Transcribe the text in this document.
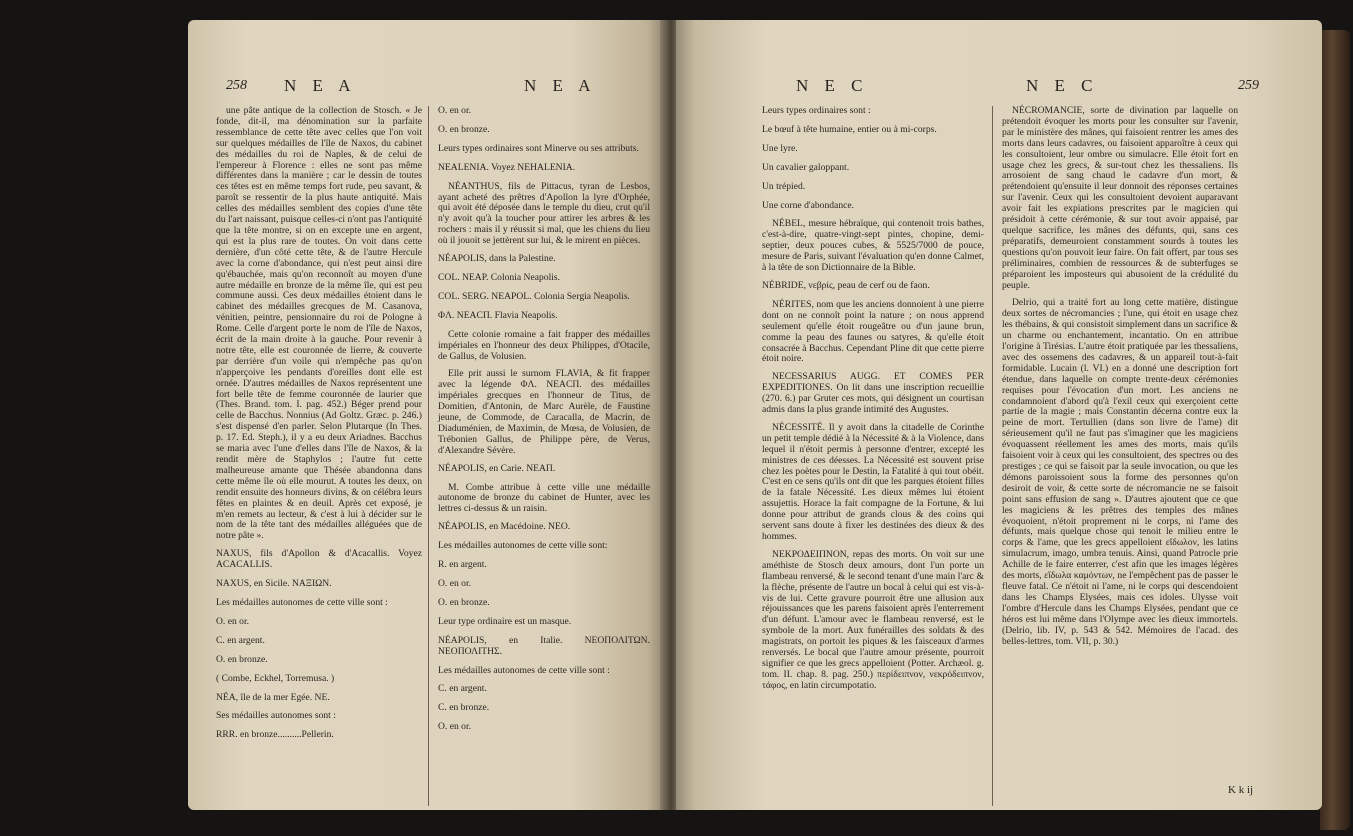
258 N E A	N E A

une pâte antique de la collection de Stosch. « Je fonde, dit-il, ma dénomination sur la parfaite ressemblance de cette tête avec celles que l'on voit sur quelques médailles de l'île de Naxos, du cabinet des médailles du roi de Naples, & de celui de l'empereur à Florence : elles ne sont pas même différentes dans la manière ; car le dessin de toutes ces têtes est en même temps fort rude, peu savant, & paroît se ressentir de la plus haute antiquité. Mais celles des médailles semblent des copies d'une tête du l'art naissant, puisque celles-ci n'ont pas l'antiquité que la tête montre, si on en excepte une en argent, qui est la plus rare de toutes. On voit dans cette dernière, d'un côté cette tête, & de l'autre Hercule avec la corne d'abondance, qui n'est peut ainsi dire qu'ébauchée, mais qu'on reconnoît au moyen d'une autre médaille en bronze de la même île, qui est peu commune aussi. Ces deux médailles étoient dans le cabinet des médailles grecques de M. Casanova, vénitien, peintre, pensionnaire du roi de Pologne à Rome. Celle d'argent porte le nom de l'île de Naxos, écrit de la main droite à la gauche. Pour revenir à notre tête, elle est couronnée de lierre, & couverte par derrière d'un voile qui n'empêche pas qu'on n'apperçoive les pendants d'oreilles dont elle est ornée. D'autres médailles de Naxos représentent une fort belle tête de femme couronnée de laurier que (Thes. Brand. tom. I. pag. 452.) Béger prend pour celle de Bacchus. Nonnius (Ad Goltz. Græc. p. 246.) s'est dispensé d'en parler. Selon Plutarque (In Thes. p. 17. Ed. Steph.), il y a eu deux Ariadnes. Bacchus se maria avec l'une d'elles dans l'île de Naxos, & la rendit mère de Staphylos ; l'autre fut cette malheureuse amante que Thésée abandonna dans cette même île où elle mourut. A toutes les deux, on rendit ensuite des honneurs divins, & on célébra leurs fêtes en plaintes & en deuil. Après cet exposé, je m'en remets au lecteur, & c'est à lui à décider sur le nom de la tête tant des médailles alléguées que de notre pâte ».

NAXUS, fils d'Apollon & d'Acacallis. Voyez ACACALLIS.

NAXUS, en Sicile. ΝΑΞΙΩΝ.

Les médailles autonomes de cette ville sont :

O. en or.

C. en argent.

O. en bronze.

( Combe, Eckhel, Torremusa. )

NÉA, île de la mer Egée. ΝΕ.

Ses médailles autonomes sont :

RRR. en bronze..........Pellerin.

O. en or.

O. en bronze.

Leurs types ordinaires sont Minerve ou ses attributs.

NEALENIA. Voyez NEHALENIA.

NÉANTHUS, fils de Pittacus, tyran de Lesbos, ayant acheté des prêtres d'Apollon la lyre d'Orphée, qui avoit été déposée dans le temple du dieu, crut qu'il n'y avoit qu'à la toucher pour attirer les arbres & les rochers : mais il y réussit si mal, que les chiens du lieu où il jouoit se jettèrent sur lui, & le mirent en pièces.

NÉAPOLIS, dans la Palestine.

COL. NEAP. Colonia Neapolis.

COL. SERG. NEAPOL. Colonia Sergia Neapolis.

ΦΛ. ΝΕΑCΠ. Flavia Neapolis.

Cette colonie romaine a fait frapper des médailles impériales en l'honneur des deux Philippes, d'Otacile, de Gallus, de Volusien.

Elle prit aussi le surnom FLAVIA, & fit frapper avec la légende ΦΛ. ΝΕΑCΠ. des médailles impériales grecques en l'honneur de Titus, de Domitien, d'Antonin, de Marc Aurèle, de Faustine jeune, de Commode, de Caracalla, de Macrin, de Diaduménien, de Maximin, de Mœsa, de Volusien, de Trébonien Gallus, de Philippe père, de Verus, d'Alexandre Sévère.

NÉAPOLIS, en Carie. ΝΕΑΠ.

M. Combe attribue à cette ville une médaille autonome de bronze du cabinet de Hunter, avec les lettres ci-dessus & un raisin.

NÉAPOLIS, en Macédoine. ΝΕΟ.

Les médailles autonomes de cette ville sont:

R. en argent.

O. en or.

O. en bronze.

Leur type ordinaire est un masque.

NÉAPOLIS, en Italie. ΝΕΟΠΟΛΙΤΩΝ. ΝΕΟΠΟΛΙΤΗΣ.

Les médailles autonomes de cette ville sont :

C. en argent.

C. en bronze.

O. en or.

N E C	N E C	259

Leurs types ordinaires sont :

Le bœuf à tête humaine, entier ou à mi-corps.

Une lyre.

Un cavalier galoppant.

Un trépied.

Une corne d'abondance.

NÉBEL, mesure hébraïque, qui contenoit trois bathes, c'est-à-dire, quatre-vingt-sept pintes, chopine, demi-septier, deux pouces cubes, & 5525/7000 de pouce, mesure de Paris, suivant l'évaluation qu'en donne Calmet, à la tête de son Dictionnaire de la Bible.

NÉBRIDE, νεβρίς, peau de cerf ou de faon.

NÉRITES, nom que les anciens donnoient à une pierre dont on ne connoît point la nature ; on nous apprend seulement qu'elle étoit rougeâtre ou d'un jaune brun, comme la peau des faunes ou satyres, & qu'elle étoit consacrée à Bacchus. Cependant Pline dit que cette pierre étoit noire.

NECESSARIUS AUGG. ET COMES PER EXPEDITIONES. On lit dans une inscription recueillie (270. 6.) par Gruter ces mots, qui désignent un courtisan admis dans la plus grande intimité des Augustes.

NÉCESSITÉ. Il y avoit dans la citadelle de Corinthe un petit temple dédié à la Nécessité & à la Violence, dans lequel il n'étoit permis à personne d'entrer, excepté les ministres de ces déesses. La Nécessité est souvent prise chez les poètes pour le Destin, la Fatalité à qui tout obéit. C'est en ce sens qu'ils ont dit que les parques étoient filles de la fatale Nécessité. Les dieux mêmes lui étoient assujettis. Horace la fait compagne de la Fortune, & lui donne pour attribut de grands clous & des coins qui servent sans doute à fixer les destinées des dieux & des hommes.

ΝΕΚΡΟΔΕΙΠΝΟΝ, repas des morts. On voit sur une améthiste de Stosch deux amours, dont l'un porte un flambeau renversé, & le second tenant d'une main l'arc & la flèche, présente de l'autre un bocal à celui qui est vis-à-vis de lui. Cette gravure pourroit être une allusion aux réjouissances que les parens faisoient après l'enterrement d'un défunt. L'amour avec le flambeau renversé, est le symbole de la mort. Aux funérailles des soldats & des magistrats, on portoit les piques & les faisceaux d'armes renversés. Le bocal que l'autre amour présente, pourroit signifier ce que les grecs appelloient (Potter. Archæol. g. tom. II. chap. 8. pag. 250.) περίδειπνον, νεκρόδειπνον, τάφος, en latin circumpotatio.

NÉCROMANCIE, sorte de divination par laquelle on prétendoit évoquer les morts pour les consulter sur l'avenir, par le ministère des mânes, qui faisoient rentrer les ames des morts dans leurs cadavres, ou faisoient apparoître à ceux qui les consultoient, leur ombre ou simulacre. Elle étoit fort en usage chez les grecs, & sur-tout chez les thessaliens. Ils arrosoient de sang chaud le cadavre d'un mort, & prétendoient qu'ensuite il leur donnoit des réponses certaines sur l'avenir. Ceux qui les consultoient devoient auparavant avoir fait les expiations prescrites par le magicien qui présidoit à cette cérémonie, & sur tout avoir appaisé, par quelque sacrifice, les mânes des défunts, qui, sans ces préparatifs, demeuroient constamment sourds à toutes les questions qu'on pouvoit leur faire. On fait offert, par tous ses préliminaires, combien de ressources & de subterfuges se préparoient les imposteurs qui abusoient de la crédulité du peuple.

Delrio, qui a traité fort au long cette matière, distingue deux sortes de nécromancies ; l'une, qui étoit en usage chez les thébains, & qui consistoit simplement dans un sacrifice & un charme ou enchantement, incantatio. On en attribue l'origine à Tirésias. L'autre étoit pratiquée par les thessaliens, avec des ossemens des cadavres, & un appareil tout-à-fait formidable. Lucain (l. VI.) en a donné une description fort étendue, dans laquelle on compte trente-deux cérémonies requises pour l'évocation d'un mort. Les anciens ne condamnoient d'abord qu'à l'exil ceux qui exerçoient cette partie de la magie ; mais Constantin décerna contre eux la peine de mort. Tertullien (dans son livre de l'ame) dit sérieusement qu'il ne faut pas s'imaginer que les magiciens évoquassent réellement les ames des morts, mais qu'ils faisoient voir à ceux qui les consultoient, des spectres ou des prestiges ; ce qui se faisoit par la seule invocation, ou que les démons paroissoient sous la forme des personnes qu'on desiroit de voir, & cette sorte de nécromancie ne se faisoit point sans effusion de sang ». D'autres ajoutent que ce que les magiciens & les prêtres des temples des mânes évoquoient, n'étoit proprement ni le corps, ni l'ame des défunts, mais quelque chose qui tenoit le milieu entre le corps & l'ame, que les grecs appelloient εἴδωλον, les latins simulacrum, imago, umbra tenuis. Ainsi, quand Patrocle prie Achille de le faire enterrer, c'est afin que les images légères des morts, εἴδωλα καμόντων, ne l'empêchent pas de passer le fleuve fatal. Ce n'étoit ni l'ame, ni le corps qui descendoient dans les Champs Elysées, mais ces idoles. Ulysse voit l'ombre d'Hercule dans les Champs Elysées, pendant que ce héros est lui même dans l'Olympe avec les dieux immortels. (Delrio, lib. IV, p. 543 & 542. Mémoires de l'acad. des belles-lettres, tom. VII, p. 30.)

K k ij
